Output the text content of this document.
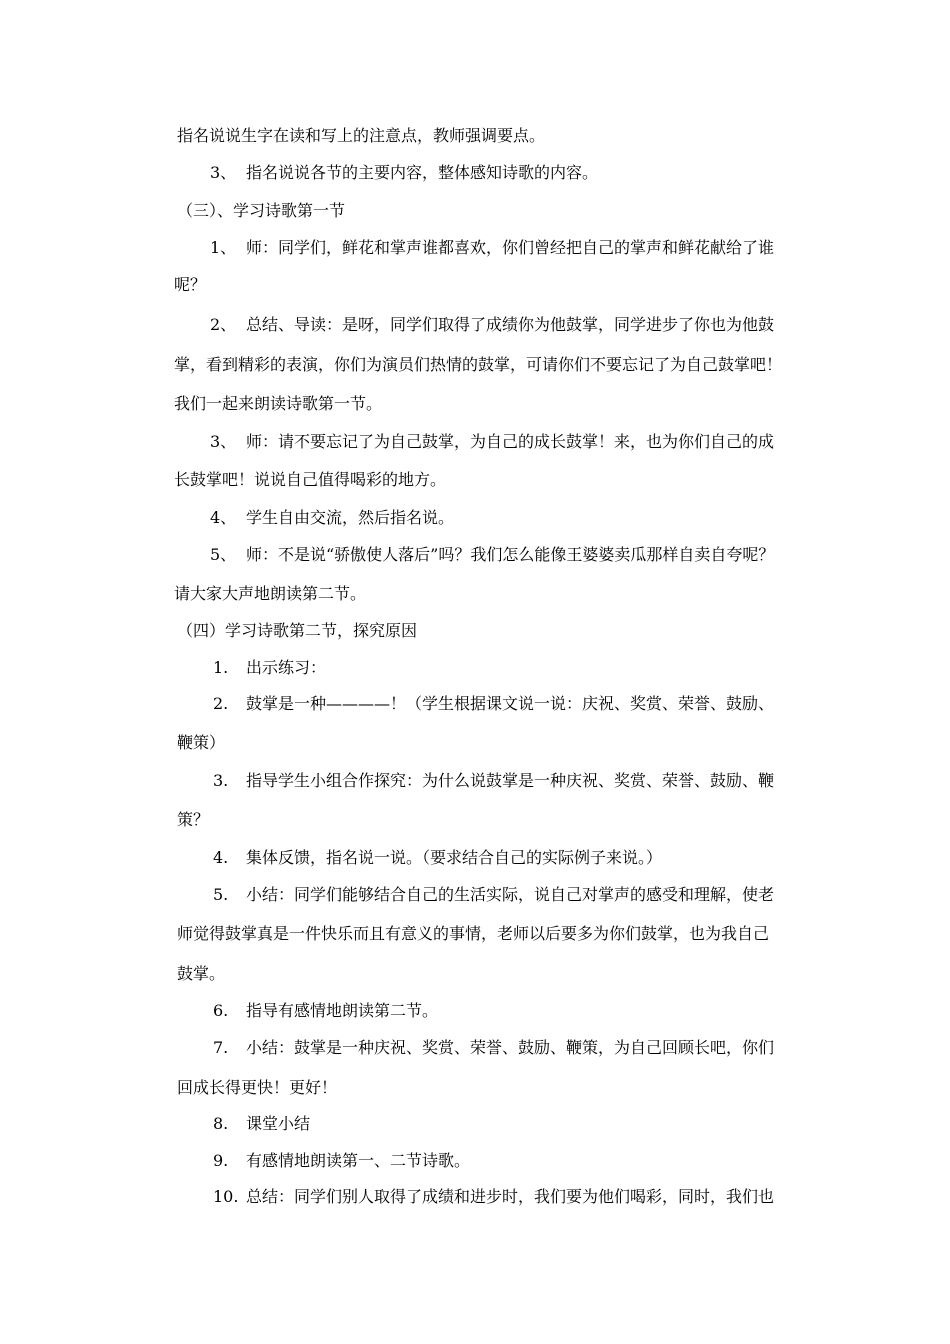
指名说说生字在读和写上的注意点，教师强调要点。
3、 指名说说各节的主要内容，整体感知诗歌的内容。
（三）、学习诗歌第一节
1、 师：同学们，鲜花和掌声谁都喜欢，你们曾经把自己的掌声和鲜花献给了谁
呢？
2、 总结、导读：是呀，同学们取得了成绩你为他鼓掌，同学进步了你也为他鼓
掌，看到精彩的表演，你们为演员们热情的鼓掌，可请你们不要忘记了为自己鼓掌吧！
我们一起来朗读诗歌第一节。
3、 师：请不要忘记了为自己鼓掌，为自己的成长鼓掌！来，也为你们自己的成
长鼓掌吧！说说自己值得喝彩的地方。
4、 学生自由交流，然后指名说。
5、 师：不是说“骄傲使人落后”吗？我们怎么能像王婆婆卖瓜那样自卖自夸呢？
请大家大声地朗读第二节。
（四）学习诗歌第二节，探究原因
1. 出示练习：
2. 鼓掌是一种————！（学生根据课文说一说：庆祝、奖赏、荣誉、鼓励、
鞭策）
3. 指导学生小组合作探究：为什么说鼓掌是一种庆祝、奖赏、荣誉、鼓励、鞭
策？
4. 集体反馈，指名说一说。（要求结合自己的实际例子来说。）
5. 小结：同学们能够结合自己的生活实际，说自己对掌声的感受和理解，使老
师觉得鼓掌真是一件快乐而且有意义的事情，老师以后要多为你们鼓掌，也为我自己
鼓掌。
6. 指导有感情地朗读第二节。
7. 小结：鼓掌是一种庆祝、奖赏、荣誉、鼓励、鞭策，为自己回顾长吧，你们
回成长得更快！更好！
8. 课堂小结
9. 有感情地朗读第一、二节诗歌。
10. 总结：同学们别人取得了成绩和进步时，我们要为他们喝彩，同时，我们也
